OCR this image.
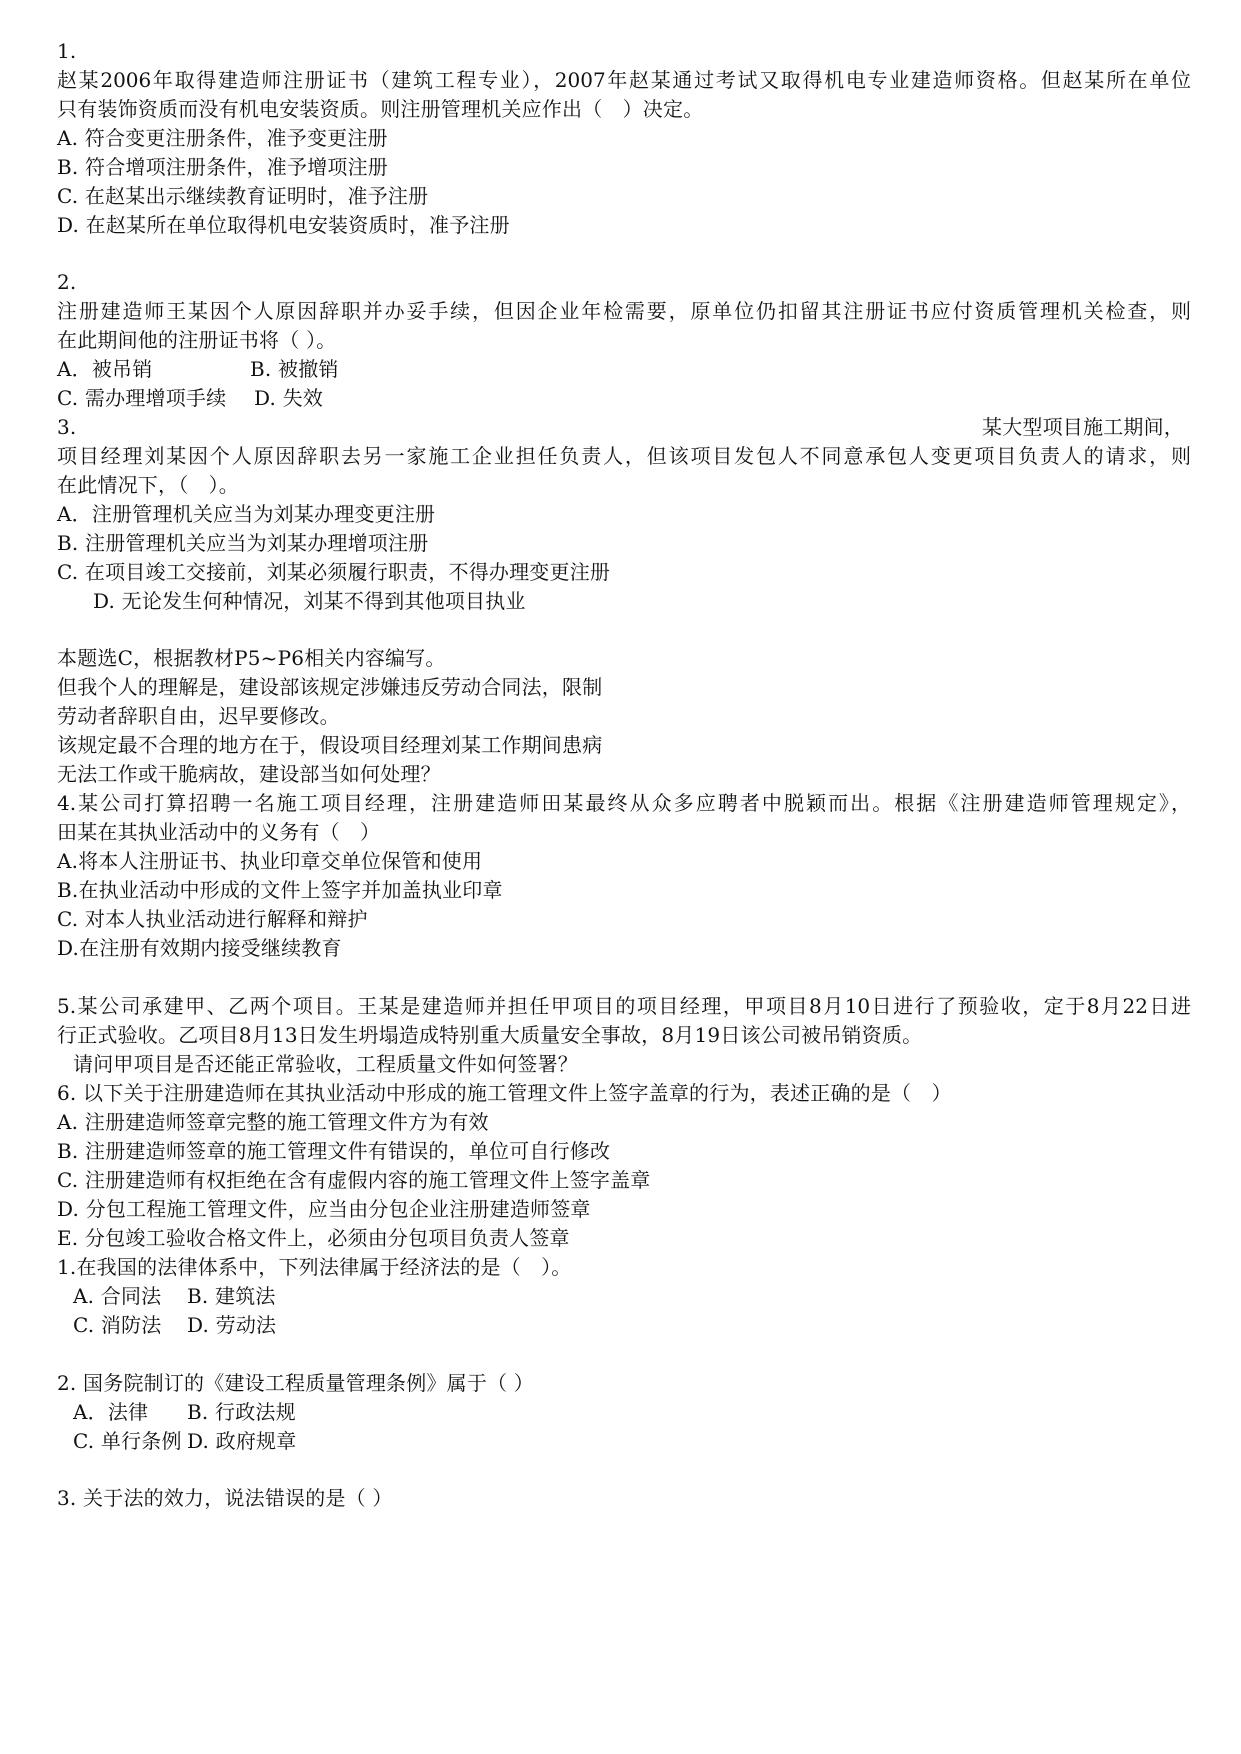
1.
赵某2006年取得建造师注册证书（建筑工程专业），2007年赵某通过考试又取得机电专业建造师资格。但赵某所在单位
只有装饰资质而没有机电安装资质。则注册管理机关应作出（　）决定。
A. 符合变更注册条件，准予变更注册
B. 符合增项注册条件，准予增项注册
C. 在赵某出示继续教育证明时，准予注册
D. 在赵某所在单位取得机电安装资质时，准予注册
2.
注册建造师王某因个人原因辞职并办妥手续，但因企业年检需要，原单位仍扣留其注册证书应付资质管理机关检查，则
在此期间他的注册证书将（ ）。
A．被吊销	B. 被撤销
C. 需办理增项手续 D. 失效
3.	某大型项目施工期间，
项目经理刘某因个人原因辞职去另一家施工企业担任负责人，但该项目发包人不同意承包人变更项目负责人的请求，则
在此情况下，（　）。
A．注册管理机关应当为刘某办理变更注册
B. 注册管理机关应当为刘某办理增项注册
C. 在项目竣工交接前，刘某必须履行职责，不得办理变更注册
D. 无论发生何种情况，刘某不得到其他项目执业
本题选C，根据教材P5~P6相关内容编写。
但我个人的理解是，建设部该规定涉嫌违反劳动合同法，限制
劳动者辞职自由，迟早要修改。
该规定最不合理的地方在于，假设项目经理刘某工作期间患病
无法工作或干脆病故，建设部当如何处理？
4.某公司打算招聘一名施工项目经理，注册建造师田某最终从众多应聘者中脱颖而出。根据《注册建造师管理规定》，
田某在其执业活动中的义务有（　）
A.将本人注册证书、执业印章交单位保管和使用
B.在执业活动中形成的文件上签字并加盖执业印章
C. 对本人执业活动进行解释和辩护
D.在注册有效期内接受继续教育
5.某公司承建甲、乙两个项目。王某是建造师并担任甲项目的项目经理，甲项目8月10日进行了预验收，定于8月22日进
行正式验收。乙项目8月13日发生坍塌造成特别重大质量安全事故，8月19日该公司被吊销资质。
请问甲项目是否还能正常验收，工程质量文件如何签署？
6. 以下关于注册建造师在其执业活动中形成的施工管理文件上签字盖章的行为，表述正确的是（　）
A. 注册建造师签章完整的施工管理文件方为有效
B. 注册建造师签章的施工管理文件有错误的，单位可自行修改
C. 注册建造师有权拒绝在含有虚假内容的施工管理文件上签字盖章
D. 分包工程施工管理文件，应当由分包企业注册建造师签章
E. 分包竣工验收合格文件上，必须由分包项目负责人签章
1.在我国的法律体系中，下列法律属于经济法的是（　）。
A. 合同法 B. 建筑法
C. 消防法 D. 劳动法
2. 国务院制订的《建设工程质量管理条例》属于（ ）
A．法律 B. 行政法规
C. 单行条例 D. 政府规章
3. 关于法的效力，说法错误的是（ ）
